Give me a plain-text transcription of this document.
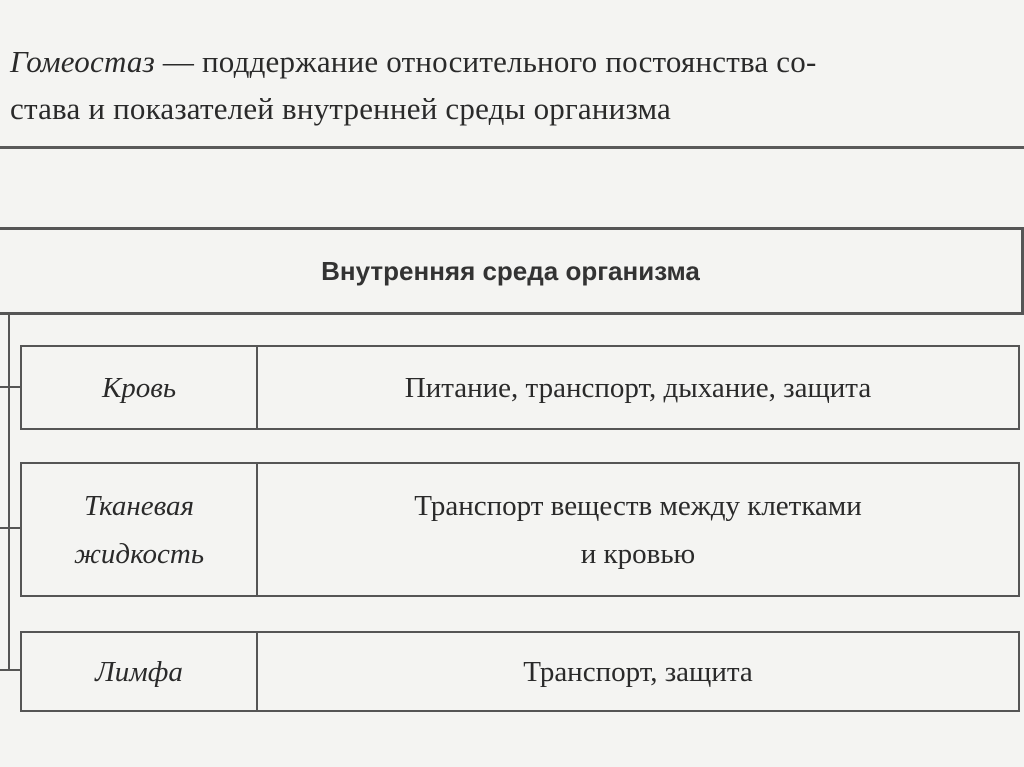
Гомеостаз — поддержание относительного постоянства со-
става и показателей внутренней среды организма
Внутренняя среда организма
Кровь	Питание, транспорт, дыхание, защита
Тканевая
жидкость
Транспорт веществ между клетками
и кровью
Лимфа	Транспорт, защита
